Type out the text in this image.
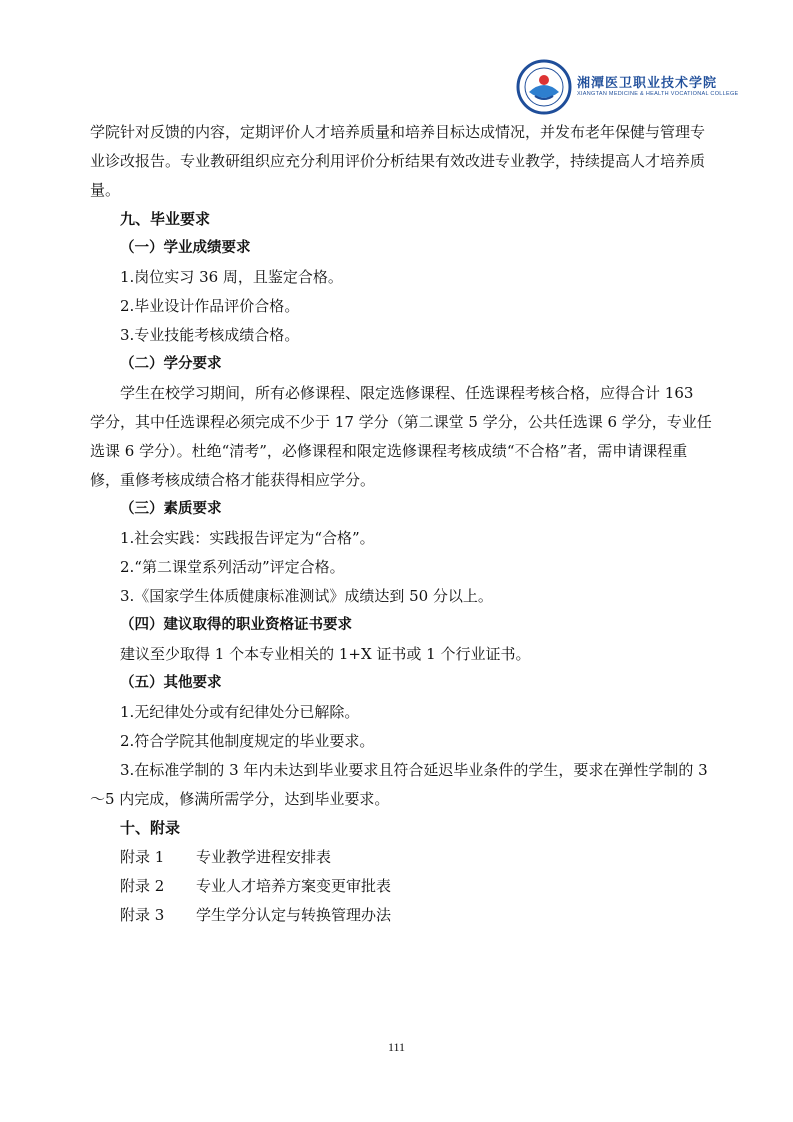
湘潭医卫职业技术学院
XIANGTAN MEDICINE & HEALTH VOCATIONAL COLLEGE

学院针对反馈的内容，定期评价人才培养质量和培养目标达成情况，并发布老年保健与管理专业诊改报告。专业教研组织应充分利用评价分析结果有效改进专业教学，持续提高人才培养质量。

九、毕业要求

（一）学业成绩要求

1.岗位实习 36 周，且鉴定合格。

2.毕业设计作品评价合格。

3.专业技能考核成绩合格。

（二）学分要求

学生在校学习期间，所有必修课程、限定选修课程、任选课程考核合格，应得合计 163 学分，其中任选课程必须完成不少于 17 学分（第二课堂 5 学分，公共任选课 6 学分，专业任选课 6 学分）。杜绝“清考”，必修课程和限定选修课程考核成绩“不合格”者，需申请课程重修，重修考核成绩合格才能获得相应学分。

（三）素质要求

1.社会实践：实践报告评定为“合格”。

2.“第二课堂系列活动”评定合格。

3.《国家学生体质健康标准测试》成绩达到 50 分以上。

（四）建议取得的职业资格证书要求

建议至少取得 1 个本专业相关的 1+X 证书或 1 个行业证书。

（五）其他要求

1.无纪律处分或有纪律处分已解除。

2.符合学院其他制度规定的毕业要求。

3.在标准学制的 3 年内未达到毕业要求且符合延迟毕业条件的学生，要求在弹性学制的 3～5 内完成，修满所需学分，达到毕业要求。

十、附录

附录 1 专业教学进程安排表

附录 2 专业人才培养方案变更审批表

附录 3 学生学分认定与转换管理办法

111
